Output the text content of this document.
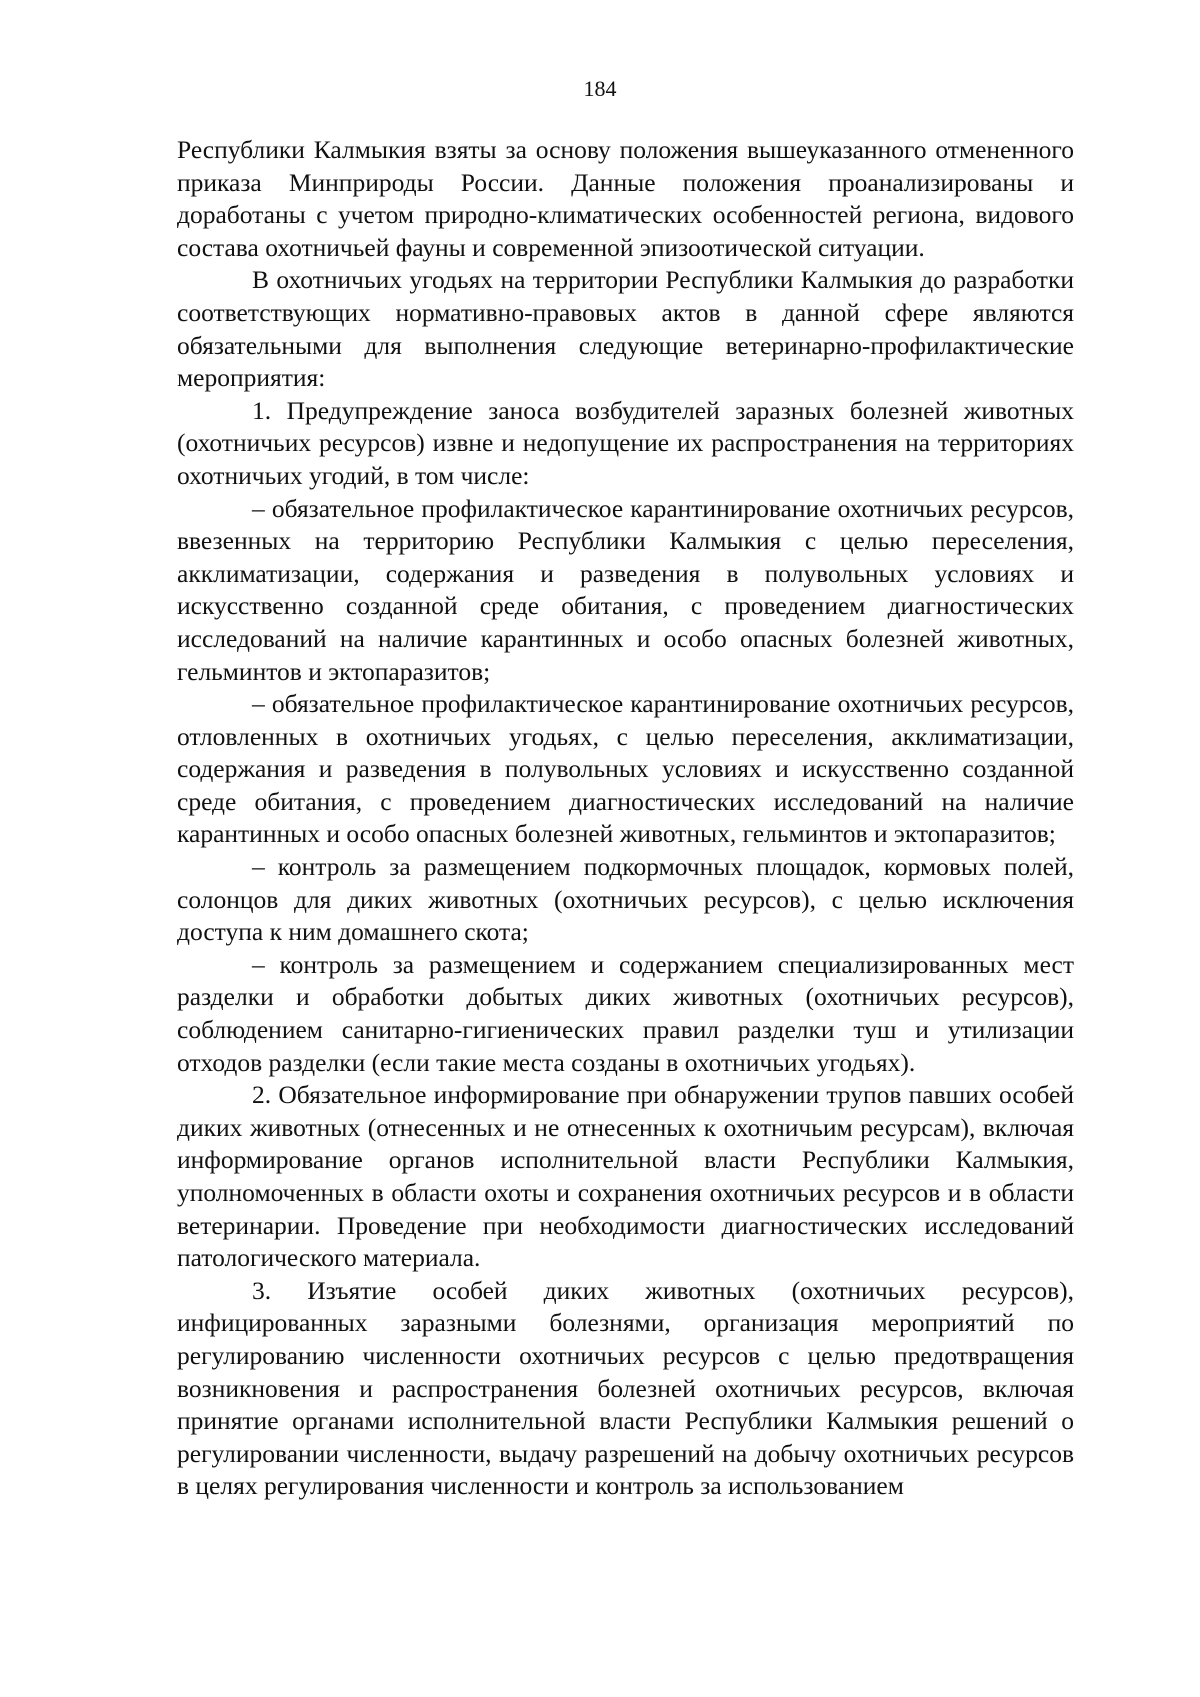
184

Республики Калмыкия взяты за основу положения вышеуказанного отмененного приказа Минприроды России. Данные положения проанализированы и доработаны с учетом природно-климатических особенностей региона, видового состава охотничьей фауны и современной эпизоотической ситуации.

В охотничьих угодьях на территории Республики Калмыкия до разработки соответствующих нормативно-правовых актов в данной сфере являются обязательными для выполнения следующие ветеринарно-профилактические мероприятия:

1. Предупреждение заноса возбудителей заразных болезней животных (охотничьих ресурсов) извне и недопущение их распространения на территориях охотничьих угодий, в том числе:

– обязательное профилактическое карантинирование охотничьих ресурсов, ввезенных на территорию Республики Калмыкия с целью переселения, акклиматизации, содержания и разведения в полувольных условиях и искусственно созданной среде обитания, с проведением диагностических исследований на наличие карантинных и особо опасных болезней животных, гельминтов и эктопаразитов;

– обязательное профилактическое карантинирование охотничьих ресурсов, отловленных в охотничьих угодьях, с целью переселения, акклиматизации, содержания и разведения в полувольных условиях и искусственно созданной среде обитания, с проведением диагностических исследований на наличие карантинных и особо опасных болезней животных, гельминтов и эктопаразитов;

– контроль за размещением подкормочных площадок, кормовых полей, солонцов для диких животных (охотничьих ресурсов), с целью исключения доступа к ним домашнего скота;

– контроль за размещением и содержанием специализированных мест разделки и обработки добытых диких животных (охотничьих ресурсов), соблюдением санитарно-гигиенических правил разделки туш и утилизации отходов разделки (если такие места созданы в охотничьих угодьях).

2. Обязательное информирование при обнаружении трупов павших особей диких животных (отнесенных и не отнесенных к охотничьим ресурсам), включая информирование органов исполнительной власти Республики Калмыкия, уполномоченных в области охоты и сохранения охотничьих ресурсов и в области ветеринарии. Проведение при необходимости диагностических исследований патологического материала.

3. Изъятие особей диких животных (охотничьих ресурсов), инфицированных заразными болезнями, организация мероприятий по регулированию численности охотничьих ресурсов с целью предотвращения возникновения и распространения болезней охотничьих ресурсов, включая принятие органами исполнительной власти Республики Калмыкия решений о регулировании численности, выдачу разрешений на добычу охотничьих ресурсов в целях регулирования численности и контроль за использованием
